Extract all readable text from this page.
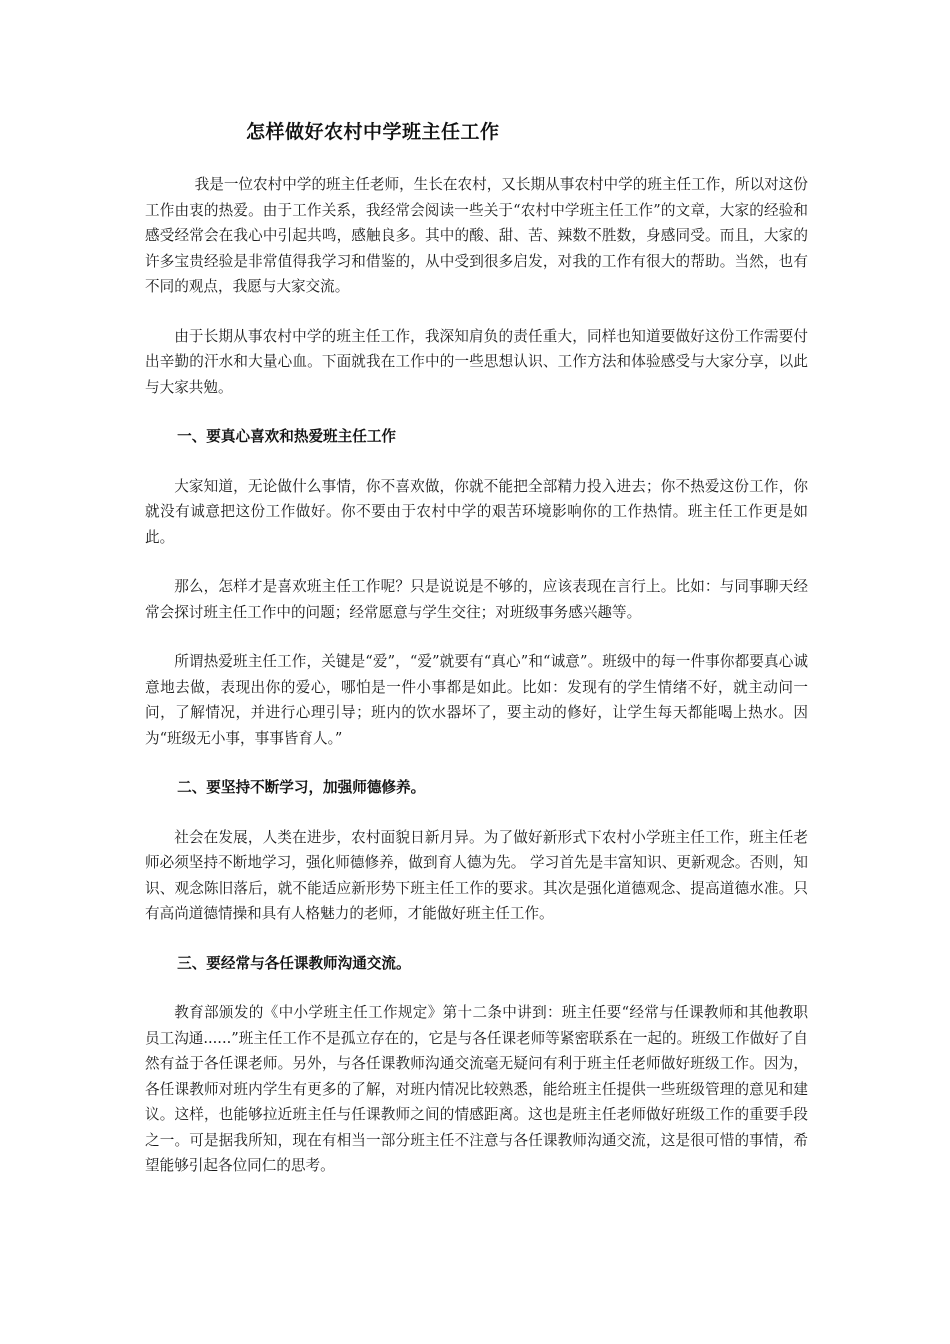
怎样做好农村中学班主任工作

我是一位农村中学的班主任老师，生长在农村，又长期从事农村中学的班主任工作，所以对这份工作由衷的热爱。由于工作关系，我经常会阅读一些关于“农村中学班主任工作”的文章，大家的经验和感受经常会在我心中引起共鸣，感触良多。其中的酸、甜、苦、辣数不胜数，身感同受。而且，大家的许多宝贵经验是非常值得我学习和借鉴的，从中受到很多启发，对我的工作有很大的帮助。当然，也有不同的观点，我愿与大家交流。

由于长期从事农村中学的班主任工作，我深知肩负的责任重大，同样也知道要做好这份工作需要付出辛勤的汗水和大量心血。下面就我在工作中的一些思想认识、工作方法和体验感受与大家分享，以此与大家共勉。

一、要真心喜欢和热爱班主任工作

大家知道，无论做什么事情，你不喜欢做，你就不能把全部精力投入进去；你不热爱这份工作，你就没有诚意把这份工作做好。你不要由于农村中学的艰苦环境影响你的工作热情。班主任工作更是如此。

那么，怎样才是喜欢班主任工作呢？只是说说是不够的，应该表现在言行上。比如：与同事聊天经常会探讨班主任工作中的问题；经常愿意与学生交往；对班级事务感兴趣等。

所谓热爱班主任工作，关键是“爱”，“爱”就要有“真心”和“诚意”。班级中的每一件事你都要真心诚意地去做，表现出你的爱心，哪怕是一件小事都是如此。比如：发现有的学生情绪不好，就主动问一问，了解情况，并进行心理引导；班内的饮水器坏了，要主动的修好，让学生每天都能喝上热水。因为“班级无小事，事事皆育人。”

二、要坚持不断学习，加强师德修养。

社会在发展，人类在进步，农村面貌日新月异。为了做好新形式下农村小学班主任工作，班主任老师必须坚持不断地学习，强化师德修养，做到育人德为先。 学习首先是丰富知识、更新观念。否则，知识、观念陈旧落后，就不能适应新形势下班主任工作的要求。其次是强化道德观念、提高道德水准。只有高尚道德情操和具有人格魅力的老师，才能做好班主任工作。

三、要经常与各任课教师沟通交流。

教育部颁发的《中小学班主任工作规定》第十二条中讲到：班主任要“经常与任课教师和其他教职员工沟通......”班主任工作不是孤立存在的，它是与各任课老师等紧密联系在一起的。班级工作做好了自然有益于各任课老师。另外，与各任课教师沟通交流毫无疑问有利于班主任老师做好班级工作。因为，各任课教师对班内学生有更多的了解，对班内情况比较熟悉，能给班主任提供一些班级管理的意见和建议。这样，也能够拉近班主任与任课教师之间的情感距离。这也是班主任老师做好班级工作的重要手段之一。可是据我所知，现在有相当一部分班主任不注意与各任课教师沟通交流，这是很可惜的事情，希望能够引起各位同仁的思考。
